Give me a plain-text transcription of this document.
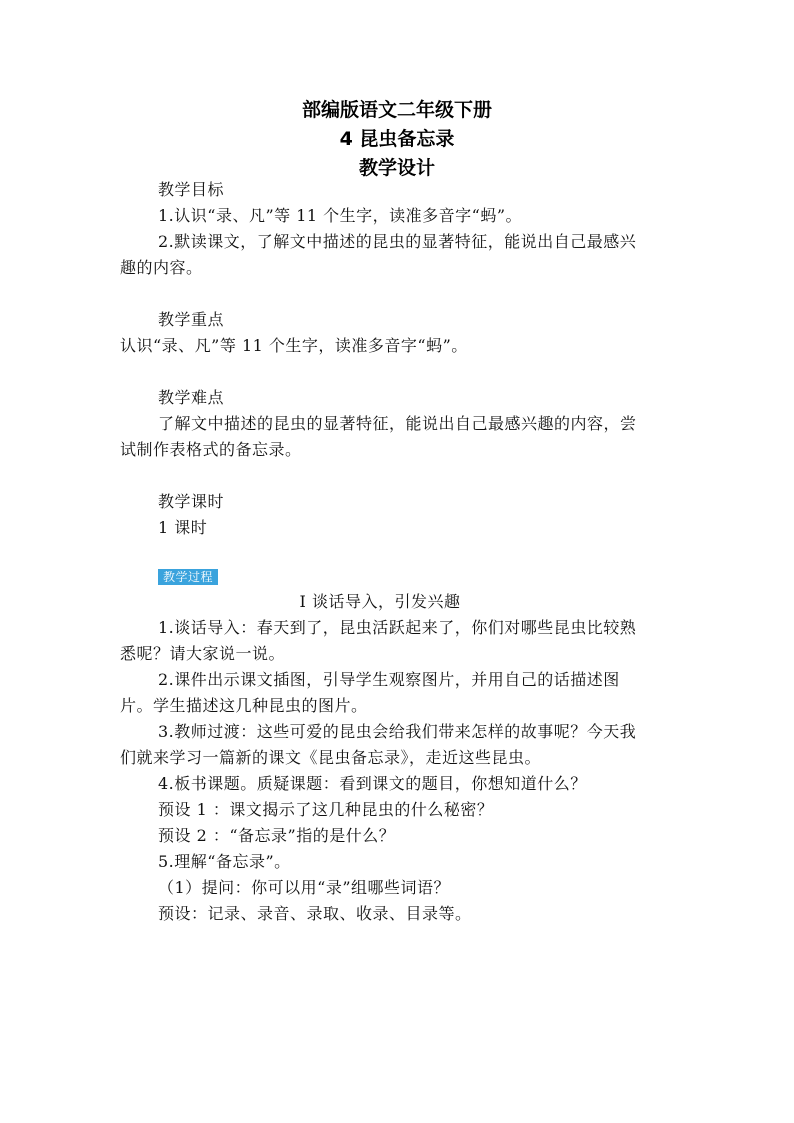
部编版语文二年级下册
4 昆虫备忘录
教学设计

教学目标

1.认识“录、凡”等 11 个生字，读准多音字“蚂”。

2.默读课文，了解文中描述的昆虫的显著特征，能说出自己最感兴趣的内容。

教学重点

认识“录、凡”等 11 个生字，读准多音字“蚂”。

教学难点

了解文中描述的昆虫的显著特征，能说出自己最感兴趣的内容，尝试制作表格式的备忘录。

教学课时

1 课时

教学过程

Ⅰ 谈话导入，引发兴趣

1.谈话导入：春天到了，昆虫活跃起来了，你们对哪些昆虫比较熟悉呢？请大家说一说。

2.课件出示课文插图，引导学生观察图片，并用自己的话描述图片。学生描述这几种昆虫的图片。

3.教师过渡：这些可爱的昆虫会给我们带来怎样的故事呢？今天我们就来学习一篇新的课文《昆虫备忘录》，走近这些昆虫。

4.板书课题。质疑课题：看到课文的题目，你想知道什么？

预设 1 ：课文揭示了这几种昆虫的什么秘密？

预设 2 ：“备忘录”指的是什么？

5.理解“备忘录”。

（1）提问：你可以用“录”组哪些词语？

预设：记录、录音、录取、收录、目录等。
